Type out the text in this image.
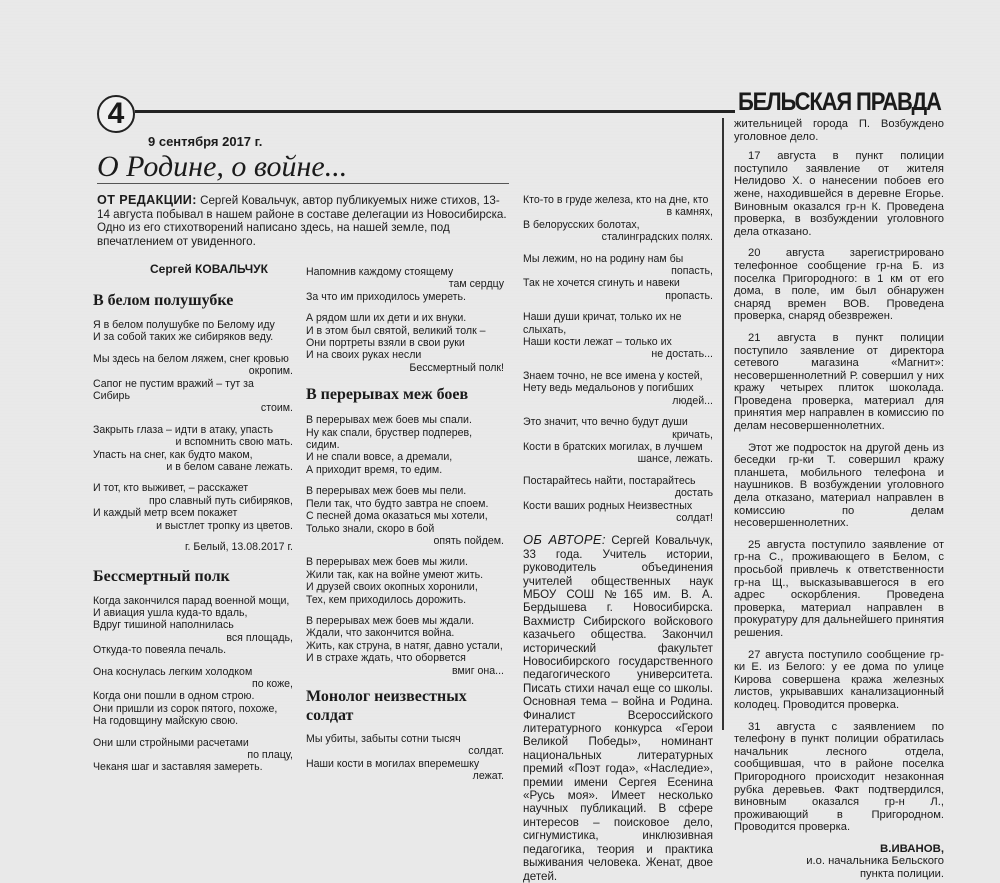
4	БЕЛЬСКАЯ ПРАВДА
9 сентября 2017 г.
О Родине, о войне...
ОТ РЕДАКЦИИ: Сергей Ковальчук, автор публикуемых ниже стихов, 13-14 августа побывал в нашем районе в составе делегации из Новосибирска. Одно из его стихотворений написано здесь, на нашей земле, под впечатлением от увиденного.
Сергей КОВАЛЬЧУК

В белом полушубке

Я в белом полушубке по Белому иду
И за собой таких же сибиряков веду.
Мы здесь на белом ляжем, снег кровью
окропим.
Сапог не пустим вражий – тут за Сибирь
стоим.
Закрыть глаза – идти в атаку, упасть
и вспомнить свою мать.
Упасть на снег, как будто маком,
и в белом саване лежать.
И тот, кто выживет, – расскажет
про славный путь сибиряков,
И каждый метр всем покажет
и выстлет тропку из цветов.
г. Белый, 13.08.2017 г.

Бессмертный полк

Когда закончился парад военной мощи,
И авиация ушла куда-то вдаль,
Вдруг тишиной наполнилась
вся площадь,
Откуда-то повеяла печаль.
Она коснулась легким холодком
по коже,
Когда они пошли в одном строю.
Они пришли из сорок пятого, похоже,
На годовщину майскую свою.
Они шли стройными расчетами
по плацу,
Чеканя шаг и заставляя замереть.
Напомнив каждому стоящему
там сердцу
За что им приходилось умереть.
А рядом шли их дети и их внуки.
И в этом был святой, великий толк –
Они портреты взяли в свои руки
И на своих руках несли
Бессмертный полк!

В перерывах меж боев

В перерывах меж боев мы спали.
Ну как спали, бруствер подперев, сидим.
И не спали вовсе, а дремали,
А приходит время, то едим.
В перерывах меж боев мы пели.
Пели так, что будто завтра не споем.
С песней дома оказаться мы хотели,
Только знали, скоро в бой
опять пойдем.
В перерывах меж боев мы жили.
Жили так, как на войне умеют жить.
И друзей своих окопных хоронили,
Тех, кем приходилось дорожить.
В перерывах меж боев мы ждали.
Ждали, что закончится война.
Жить, как струна, в натяг, давно устали,
И в страхе ждать, что оборвется
вмиг она...

Монолог неизвестных солдат

Мы убиты, забыты сотни тысяч
солдат.
Наши кости в могилах вперемешку
лежат.
Кто-то в груде железа, кто на дне, кто
в камнях,
В белорусских болотах,
сталинградских полях.
Мы лежим, но на родину нам бы
попасть,
Так не хочется сгинуть и навеки
пропасть.
Наши души кричат, только их не слыхать,
Наши кости лежат – только их
не достать...
Знаем точно, не все имена у костей,
Нету ведь медальонов у погибших
людей...
Это значит, что вечно будут души
кричать,
Кости в братских могилах, в лучшем
шансе, лежать.
Постарайтесь найти, постарайтесь
достать
Кости ваших родных Неизвестных
солдат!
ОБ АВТОРЕ: Сергей Ковальчук, 33 года. Учитель истории, руководитель объединения учителей общественных наук МБОУ СОШ №165 им. В. А. Бердышева г. Новосибирска. Вахмистр Сибирского войскового казачьего общества. Закончил исторический факультет Новосибирского государственного педагогического университета. Писать стихи начал еще со школы. Основная тема – война и Родина. Финалист Всероссийского литературного конкурса «Герои Великой Победы», номинант национальных литературных премий «Поэт года», «Наследие», премии имени Сергея Есенина «Русь моя». Имеет несколько научных публикаций. В сфере интересов – поисковое дело, сигнумистика, инклюзивная педагогика, теория и практика выживания человека. Женат, двое детей.

жительницей города П. Возбуждено уголовное дело.

17 августа в пункт полиции поступило заявление от жителя Нелидово Х. о нанесении побоев его жене, находившейся в деревне Егорье. Виновным оказался гр-н К. Проведена проверка, в возбуждении уголовного дела отказано.

20 августа зарегистрировано телефонное сообщение гр-на Б. из поселка Пригородного: в 1 км от его дома, в поле, им был обнаружен снаряд времен ВОВ. Проведена проверка, снаряд обезврежен.

21 августа в пункт полиции поступило заявление от директора сетевого магазина «Магнит»: несовершеннолетний Р. совершил у них кражу четырех плиток шоколада. Проведена проверка, материал для принятия мер направлен в комиссию по делам несовершеннолетних.

Этот же подросток на другой день из беседки гр-ки Т. совершил кражу планшета, мобильного телефона и наушников. В возбуждении уголовного дела отказано, материал направлен в комиссию по делам несовершеннолетних.

25 августа поступило заявление от гр-на С., проживающего в Белом, с просьбой привлечь к ответственности гр-на Щ., высказывавшегося в его адрес оскорбления. Проведена проверка, материал направлен в прокуратуру для дальнейшего принятия решения.

27 августа поступило сообщение гр-ки Е. из Белого: у ее дома по улице Кирова совершена кража железных листов, укрывавших канализационный колодец. Проводится проверка.

31 августа с заявлением по телефону в пункт полиции обратилась начальник лесного отдела, сообщившая, что в районе поселка Пригородного происходит незаконная рубка деревьев. Факт подтвердился, виновным оказался гр-н Л., проживающий в Пригородном. Проводится проверка.

В.ИВАНОВ,
и.о. начальника Бельского
пункта полиции.
